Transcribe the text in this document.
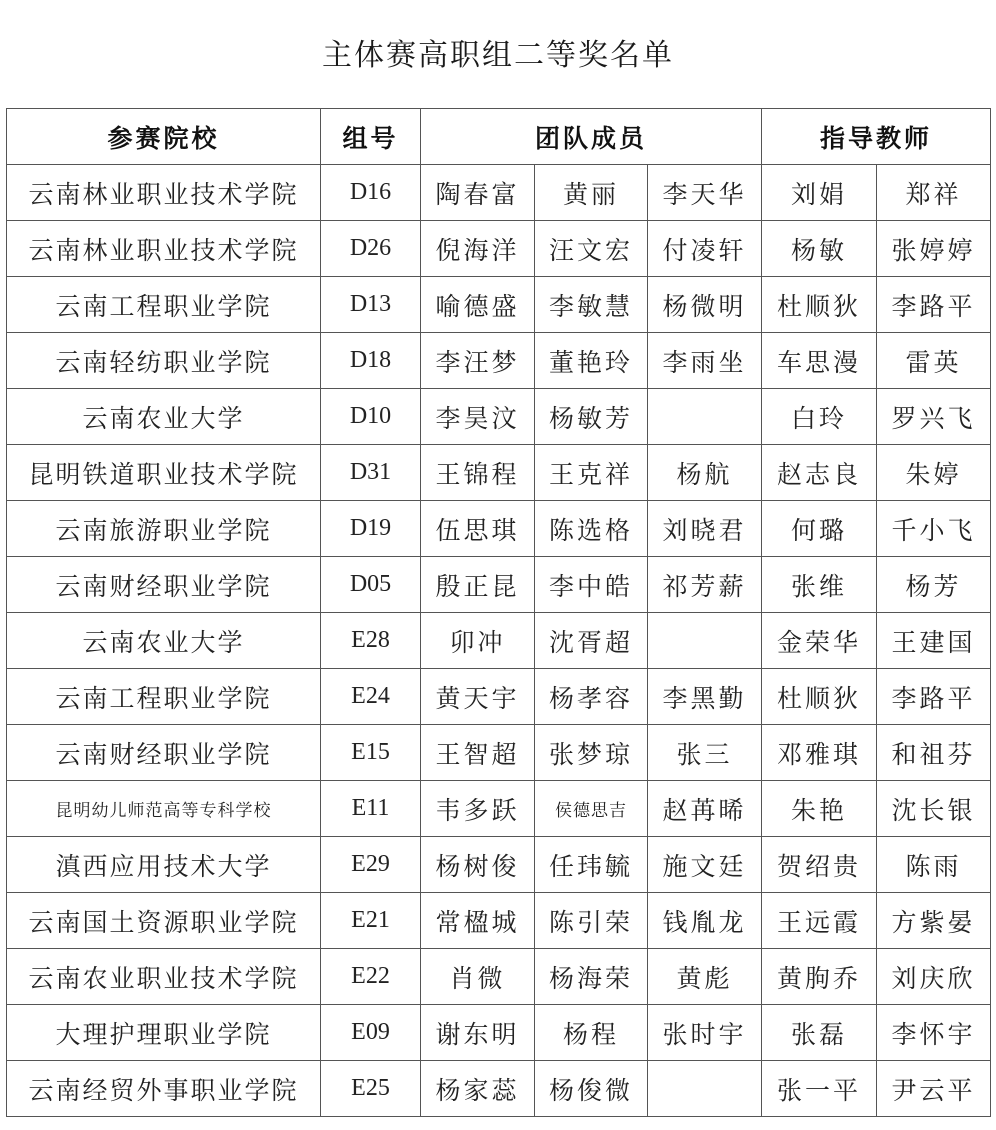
主体赛高职组二等奖名单
参赛院校	组号	团队成员			指导教师	
云南林业职业技术学院	D16	陶春富	黄丽	李天华	刘娟	郑祥
云南林业职业技术学院	D26	倪海洋	汪文宏	付凌轩	杨敏	张婷婷
云南工程职业学院	D13	喻德盛	李敏慧	杨微明	杜顺狄	李路平
云南轻纺职业学院	D18	李汪梦	董艳玲	李雨坐	车思漫	雷英
云南农业大学	D10	李昊汶	杨敏芳		白玲	罗兴飞
昆明铁道职业技术学院	D31	王锦程	王克祥	杨航	赵志良	朱婷
云南旅游职业学院	D19	伍思琪	陈选格	刘晓君	何璐	千小飞
云南财经职业学院	D05	殷正昆	李中皓	祁芳薪	张维	杨芳
云南农业大学	E28	卯冲	沈胥超		金荣华	王建国
云南工程职业学院	E24	黄天宇	杨孝容	李黑勤	杜顺狄	李路平
云南财经职业学院	E15	王智超	张梦琼	张三	邓雅琪	和祖芬
昆明幼儿师范高等专科学校	E11	韦多跃	侯德思吉	赵苒晞	朱艳	沈长银
滇西应用技术大学	E29	杨树俊	任玮毓	施文廷	贺绍贵	陈雨
云南国土资源职业学院	E21	常楹城	陈引荣	钱胤龙	王远霞	方紫晏
云南农业职业技术学院	E22	肖微	杨海荣	黄彪	黄朐乔	刘庆欣
大理护理职业学院	E09	谢东明	杨程	张时宇	张磊	李怀宇
云南经贸外事职业学院	E25	杨家蕊	杨俊微		张一平	尹云平
